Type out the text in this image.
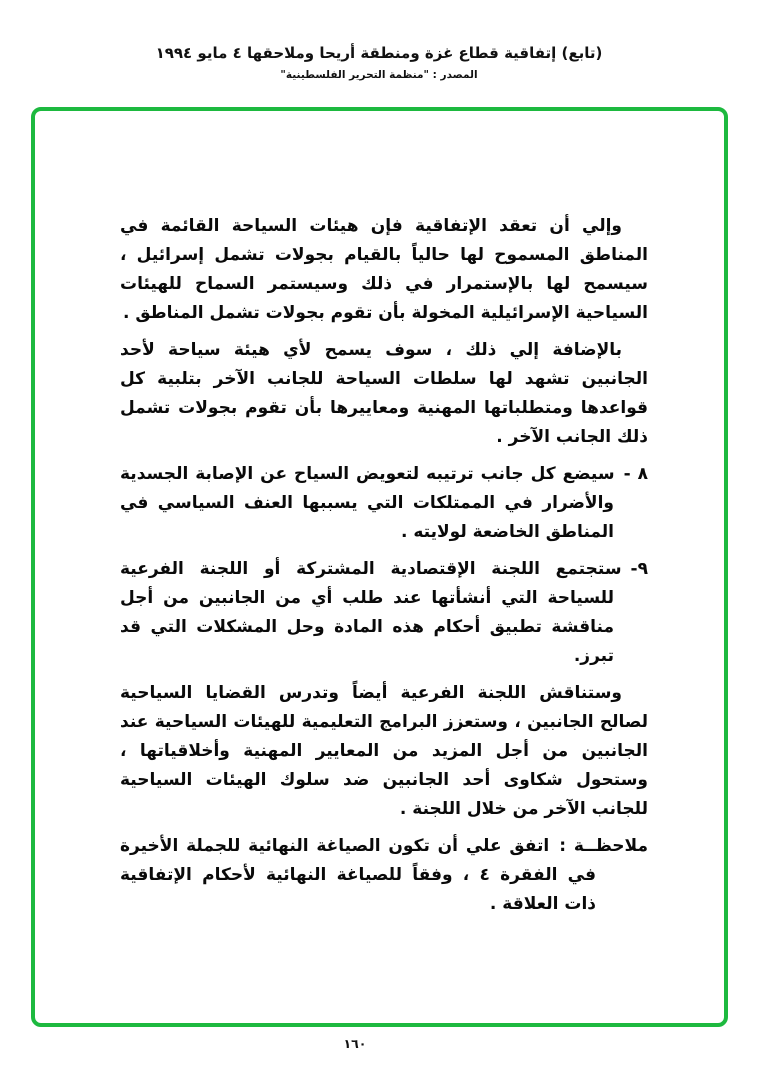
(تابع) إتفاقية قطاع غزة ومنطقة أريحا وملاحقها ٤ مايو ١٩٩٤
المصدر : "منظمة التحرير الفلسطينية"

وإلي أن تعقد الإتفاقية فإن هيئات السياحة القائمة في المناطق المسموح لها حالياً بالقيام بجولات تشمل إسرائيل ، سيسمح لها بالإستمرار في ذلك وسيستمر السماح للهيئات السياحية الإسرائيلية المخولة بأن تقوم بجولات تشمل المناطق .

بالإضافة إلي ذلك ، سوف يسمح لأي هيئة سياحة لأحد الجانبين تشهد لها سلطات السياحة للجانب الآخر بتلبية كل قواعدها ومتطلباتها المهنية ومعاييرها بأن تقوم بجولات تشمل ذلك الجانب الآخر .

٨ -سيضع كل جانب ترتيبه لتعويض السياح عن الإصابة الجسدية والأضرار في الممتلكات التي يسببها العنف السياسي في المناطق الخاضعة لولايته .

٩-ستجتمع اللجنة الإقتصادية المشتركة أو اللجنة الفرعية للسياحة التي أنشأتها عند طلب أي من الجانبين من أجل مناقشة تطبيق أحكام هذه المادة وحل المشكلات التي قد تبرز.

وستناقش اللجنة الفرعية أيضاً وتدرس القضايا السياحية لصالح الجانبين ، وستعزز البرامج التعليمية للهيئات السياحية عند الجانبين من أجل المزيد من المعايير المهنية وأخلاقياتها ، وستحول شكاوى أحد الجانبين ضد سلوك الهيئات السياحية للجانب الآخر من خلال اللجنة .

ملاحظــة :اتفق علي أن تكون الصياغة النهائية للجملة الأخيرة في الفقرة ٤ ، وفقاً للصياغة النهائية لأحكام الإتفاقية ذات العلاقة .

١٦٠
